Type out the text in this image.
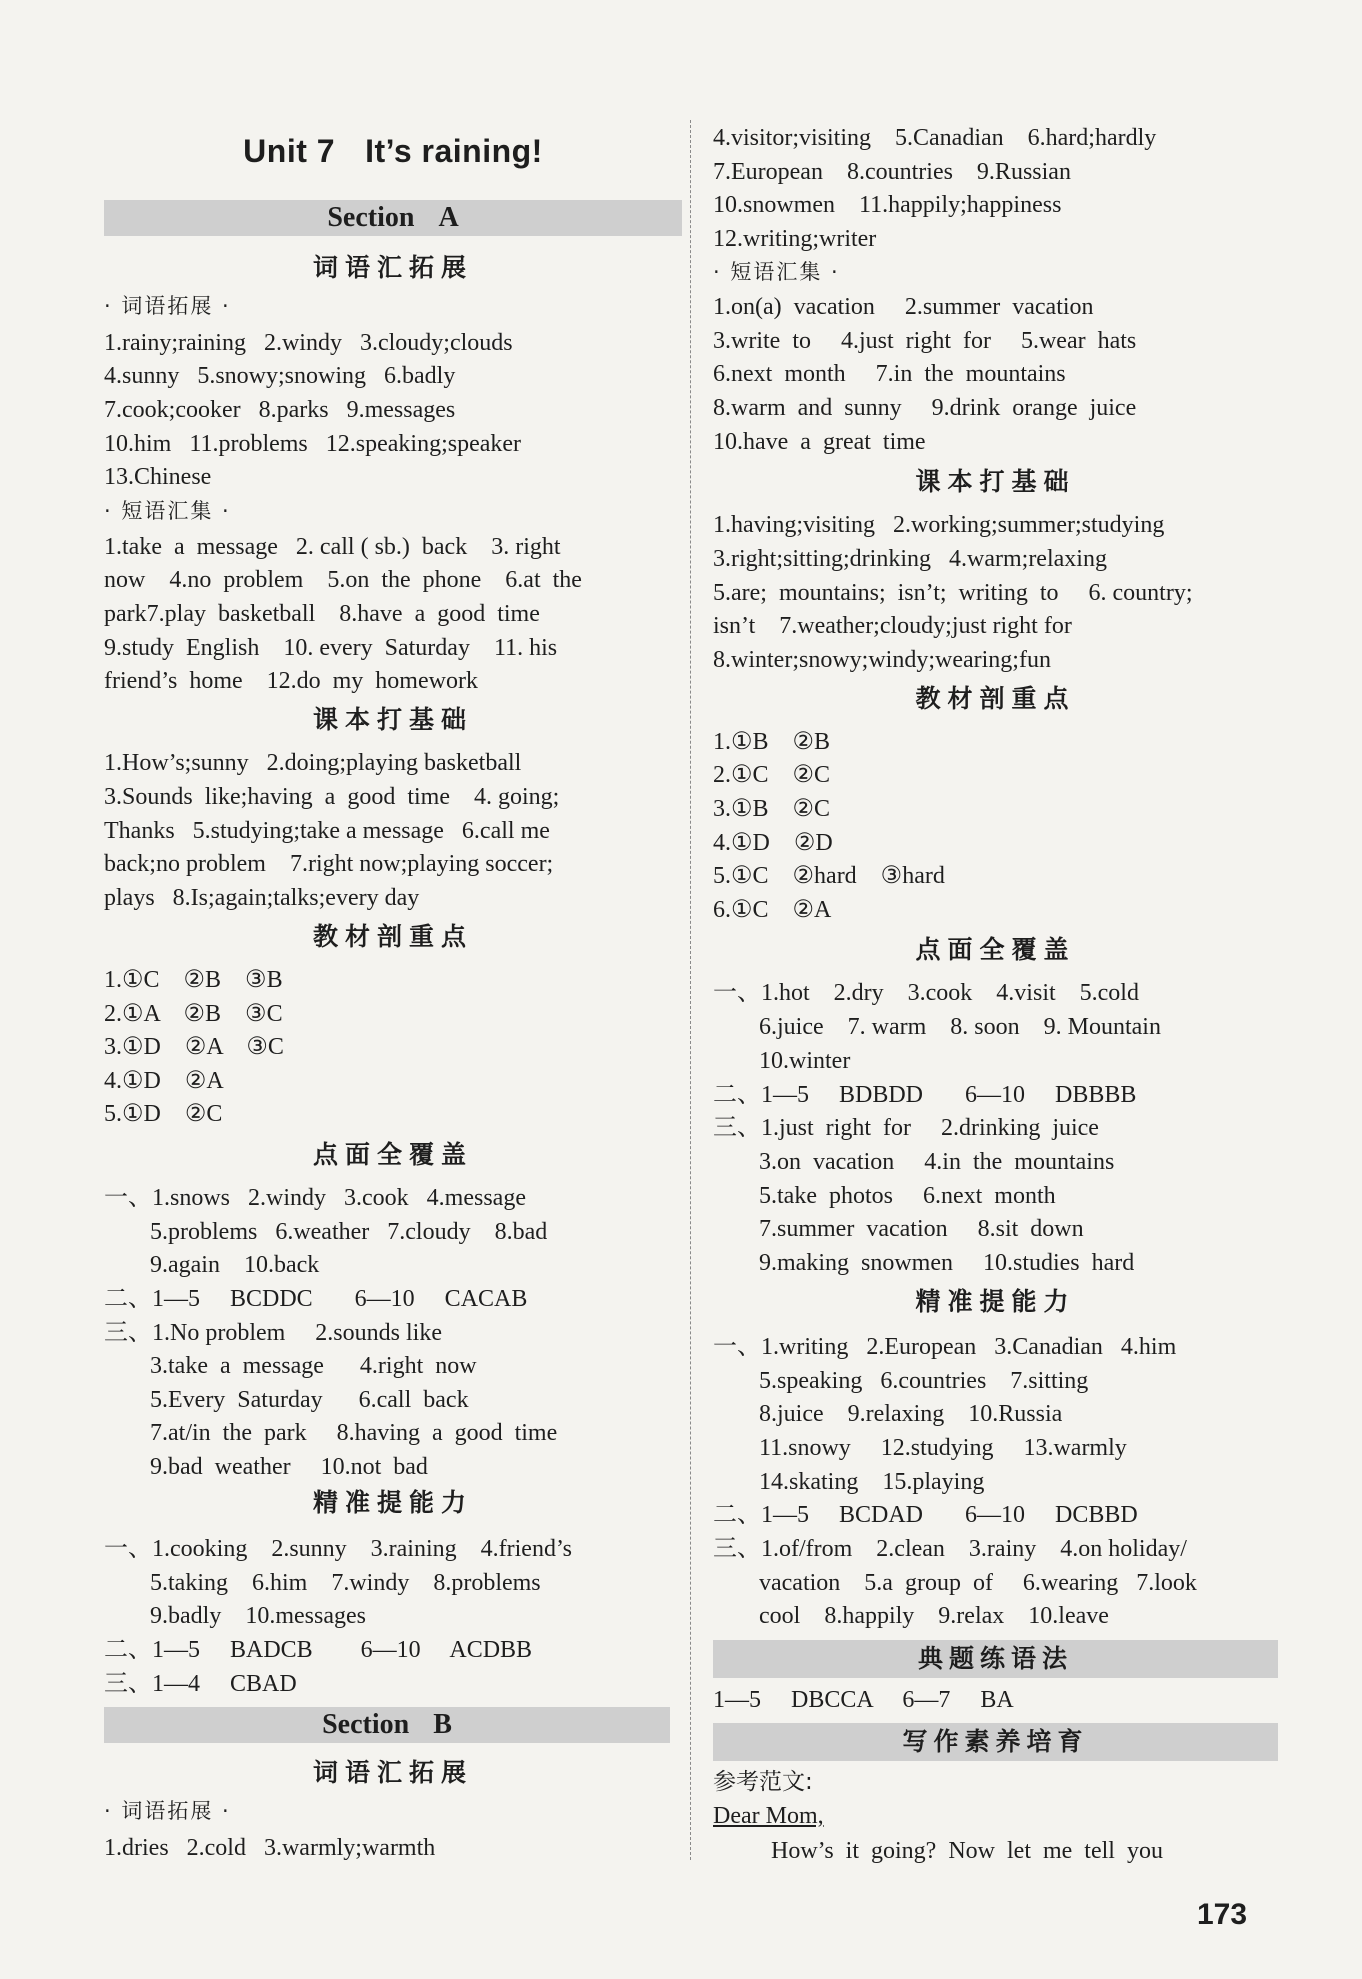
Unit 7 It’s raining!
Section A
词语汇拓展
· 词语拓展 ·
1.rainy;raining   2.windy   3.cloudy;clouds
4.sunny   5.snowy;snowing   6.badly
7.cook;cooker   8.parks   9.messages
10.him   11.problems   12.speaking;speaker
13.Chinese
· 短语汇集 ·
1.take  a  message   2. call ( sb.)  back    3. right
now    4.no  problem    5.on  the  phone    6.at  the
park7.play  basketball    8.have  a  good  time
9.study  English    10. every  Saturday    11. his
friend’s  home    12.do  my  homework
课本打基础
1.How’s;sunny   2.doing;playing basketball
3.Sounds  like;having  a  good  time    4. going;
Thanks   5.studying;take a message   6.call me
back;no problem    7.right now;playing soccer;
plays   8.Is;again;talks;every day
教材剖重点
1.①C    ②B    ③B
2.①A    ②B    ③C
3.①D    ②A    ③C
4.①D    ②A
5.①D    ②C
点面全覆盖
一、1.snows   2.windy   3.cook   4.message
5.problems   6.weather   7.cloudy    8.bad
9.again    10.back
二、1—5     BCDDC       6—10     CACAB
三、1.No problem     2.sounds like
3.take  a  message      4.right  now
5.Every  Saturday      6.call  back
7.at/in  the  park     8.having  a  good  time
9.bad  weather     10.not  bad
精准提能力
一、1.cooking    2.sunny    3.raining    4.friend’s
5.taking    6.him    7.windy    8.problems
9.badly    10.messages
二、1—5     BADCB        6—10     ACDBB
三、1—4     CBAD
Section B
词语汇拓展
· 词语拓展 ·
1.dries   2.cold   3.warmly;warmth
4.visitor;visiting    5.Canadian    6.hard;hardly
7.European    8.countries    9.Russian
10.snowmen    11.happily;happiness
12.writing;writer
· 短语汇集 ·
1.on(a)  vacation     2.summer  vacation
3.write  to     4.just  right  for     5.wear  hats
6.next  month     7.in  the  mountains
8.warm  and  sunny     9.drink  orange  juice
10.have  a  great  time
课本打基础
1.having;visiting   2.working;summer;studying
3.right;sitting;drinking   4.warm;relaxing
5.are;  mountains;  isn’t;  writing  to     6. country;
isn’t    7.weather;cloudy;just right for
8.winter;snowy;windy;wearing;fun
教材剖重点
1.①B    ②B
2.①C    ②C
3.①B    ②C
4.①D    ②D
5.①C    ②hard    ③hard
6.①C    ②A
点面全覆盖
一、1.hot    2.dry    3.cook    4.visit    5.cold
6.juice    7. warm    8. soon    9. Mountain
10.winter
二、1—5     BDBDD       6—10     DBBBB
三、1.just  right  for     2.drinking  juice
3.on  vacation     4.in  the  mountains
5.take  photos     6.next  month
7.summer  vacation     8.sit  down
9.making  snowmen     10.studies  hard
精准提能力
一、1.writing   2.European   3.Canadian   4.him
5.speaking   6.countries    7.sitting
8.juice    9.relaxing    10.Russia
11.snowy     12.studying     13.warmly
14.skating    15.playing
二、1—5     BCDAD       6—10     DCBBD
三、1.of/from    2.clean    3.rainy    4.on holiday/
vacation    5.a  group  of     6.wearing   7.look
cool    8.happily    9.relax    10.leave
典题练语法
1—5     DBCCA     6—7     BA
写作素养培育
参考范文:
Dear Mom,
How’s  it  going?  Now  let  me  tell  you
173
